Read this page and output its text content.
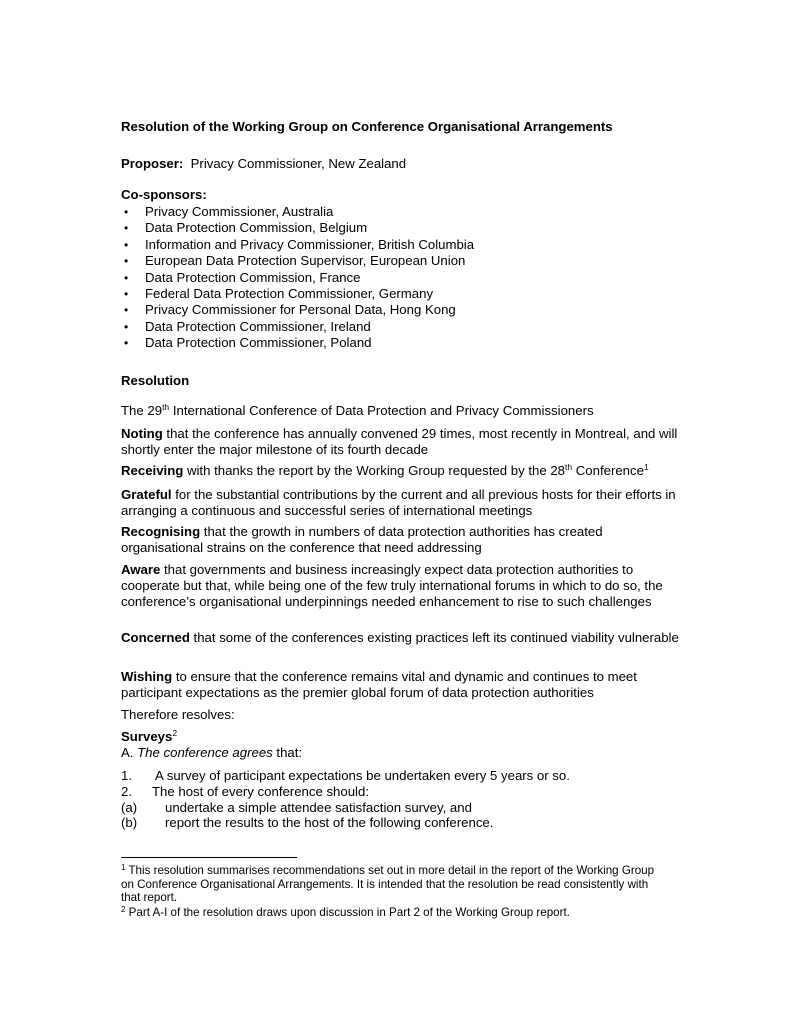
Resolution of the Working Group on Conference Organisational Arrangements
Proposer: Privacy Commissioner, New Zealand
Co-sponsors:
• Privacy Commissioner, Australia
• Data Protection Commission, Belgium
• Information and Privacy Commissioner, British Columbia
• European Data Protection Supervisor, European Union
• Data Protection Commission, France
• Federal Data Protection Commissioner, Germany
• Privacy Commissioner for Personal Data, Hong Kong
• Data Protection Commissioner, Ireland
• Data Protection Commissioner, Poland
Resolution
The 29th International Conference of Data Protection and Privacy Commissioners
Noting that the conference has annually convened 29 times, most recently in Montreal, and will shortly enter the major milestone of its fourth decade
Receiving with thanks the report by the Working Group requested by the 28th Conference$^1$
Grateful for the substantial contributions by the current and all previous hosts for their efforts in arranging a continuous and successful series of international meetings
Recognising that the growth in numbers of data protection authorities has created organisational strains on the conference that need addressing
Aware that governments and business increasingly expect data protection authorities to cooperate but that, while being one of the few truly international forums in which to do so, the conference’s organisational underpinnings needed enhancement to rise to such challenges
Concerned that some of the conferences existing practices left its continued viability vulnerable
Wishing to ensure that the conference remains vital and dynamic and continues to meet participant expectations as the premier global forum of data protection authorities
Therefore resolves:
Surveys$^2$
A. The conference agrees that:
1. A survey of participant expectations be undertaken every 5 years or so.
2. The host of every conference should:
(a) undertake a simple attendee satisfaction survey, and
(b) report the results to the host of the following conference.
$^1$ This resolution summarises recommendations set out in more detail in the report of the Working Group on Conference Organisational Arrangements. It is intended that the resolution be read consistently with that report.
$^2$ Part A-I of the resolution draws upon discussion in Part 2 of the Working Group report.
